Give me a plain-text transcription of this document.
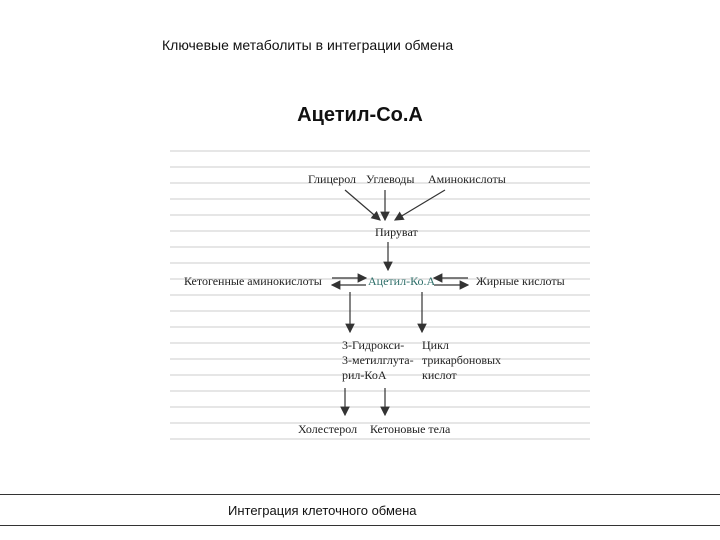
Ключевые метаболиты в интеграции обмена
Ацетил-Со.А
Глицерол Углеводы Аминокислоты
Пируват
Кетогенные аминокислоты	Ацетил-Ко.А	Жирные кислоты
3-Гидрокси-
3-метилглута-
рил-КоА
Цикл
трикарбоновых
кислот
Холестерол Кетоновые тела
Интеграция клеточного обмена
